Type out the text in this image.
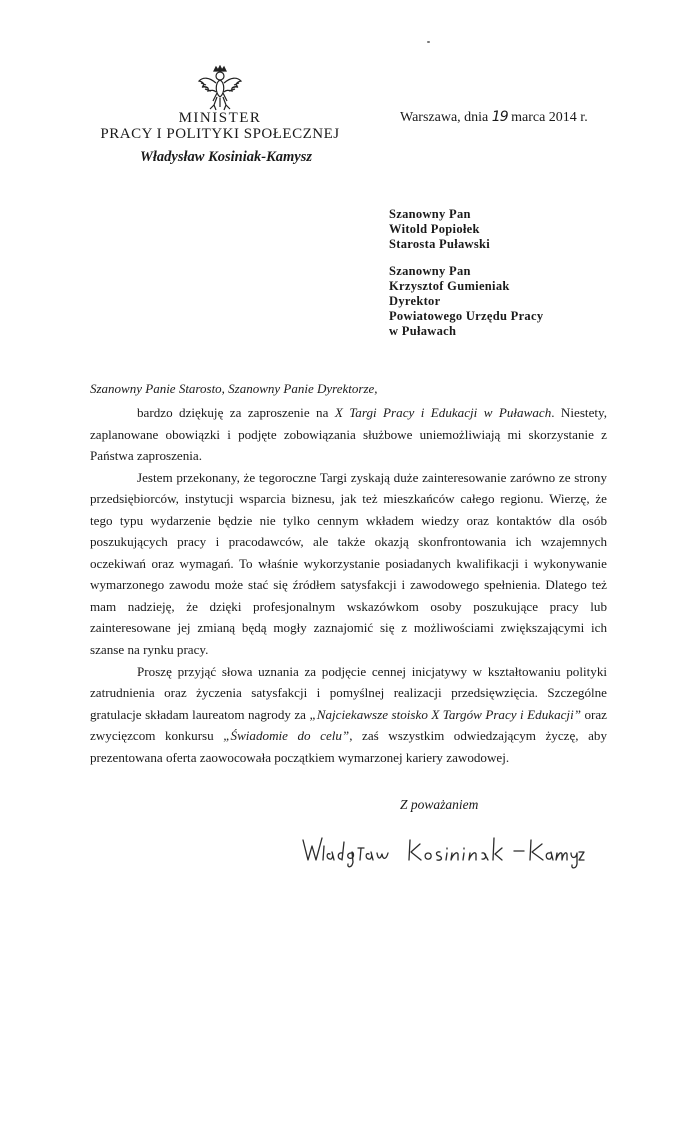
MINISTER
PRACY I POLITYKI SPOŁECZNEJ
Władysław Kosiniak-Kamysz
Warszawa, dnia 19 marca 2014 r.
Szanowny Pan
Witold Popiołek
Starosta Puławski
Szanowny Pan
Krzysztof Gumieniak
Dyrektor
Powiatowego Urzędu Pracy
w Puławach
Szanowny Panie Starosto, Szanowny Panie Dyrektorze,

bardzo dziękuję za zaproszenie na X Targi Pracy i Edukacji w Puławach. Niestety, zaplanowane obowiązki i podjęte zobowiązania służbowe uniemożliwiają mi skorzystanie z Państwa zaproszenia.

Jestem przekonany, że tegoroczne Targi zyskają duże zainteresowanie zarówno ze strony przedsiębiorców, instytucji wsparcia biznesu, jak też mieszkańców całego regionu. Wierzę, że tego typu wydarzenie będzie nie tylko cennym wkładem wiedzy oraz kontaktów dla osób poszukujących pracy i pracodawców, ale także okazją skonfrontowania ich wzajemnych oczekiwań oraz wymagań. To właśnie wykorzystanie posiadanych kwalifikacji i wykonywanie wymarzonego zawodu może stać się źródłem satysfakcji i zawodowego spełnienia. Dlatego też mam nadzieję, że dzięki profesjonalnym wskazówkom osoby poszukujące pracy lub zainteresowane jej zmianą będą mogły zaznajomić się z możliwościami zwiększającymi ich szanse na rynku pracy.

Proszę przyjąć słowa uznania za podjęcie cennej inicjatywy w kształtowaniu polityki zatrudnienia oraz życzenia satysfakcji i pomyślnej realizacji przedsięwzięcia. Szczególne gratulacje składam laureatom nagrody za „Najciekawsze stoisko X Targów Pracy i Edukacji” oraz zwycięzcom konkursu „Świadomie do celu”, zaś wszystkim odwiedzającym życzę, aby prezentowana oferta zaowocowała początkiem wymarzonej kariery zawodowej.

Z poważaniem
